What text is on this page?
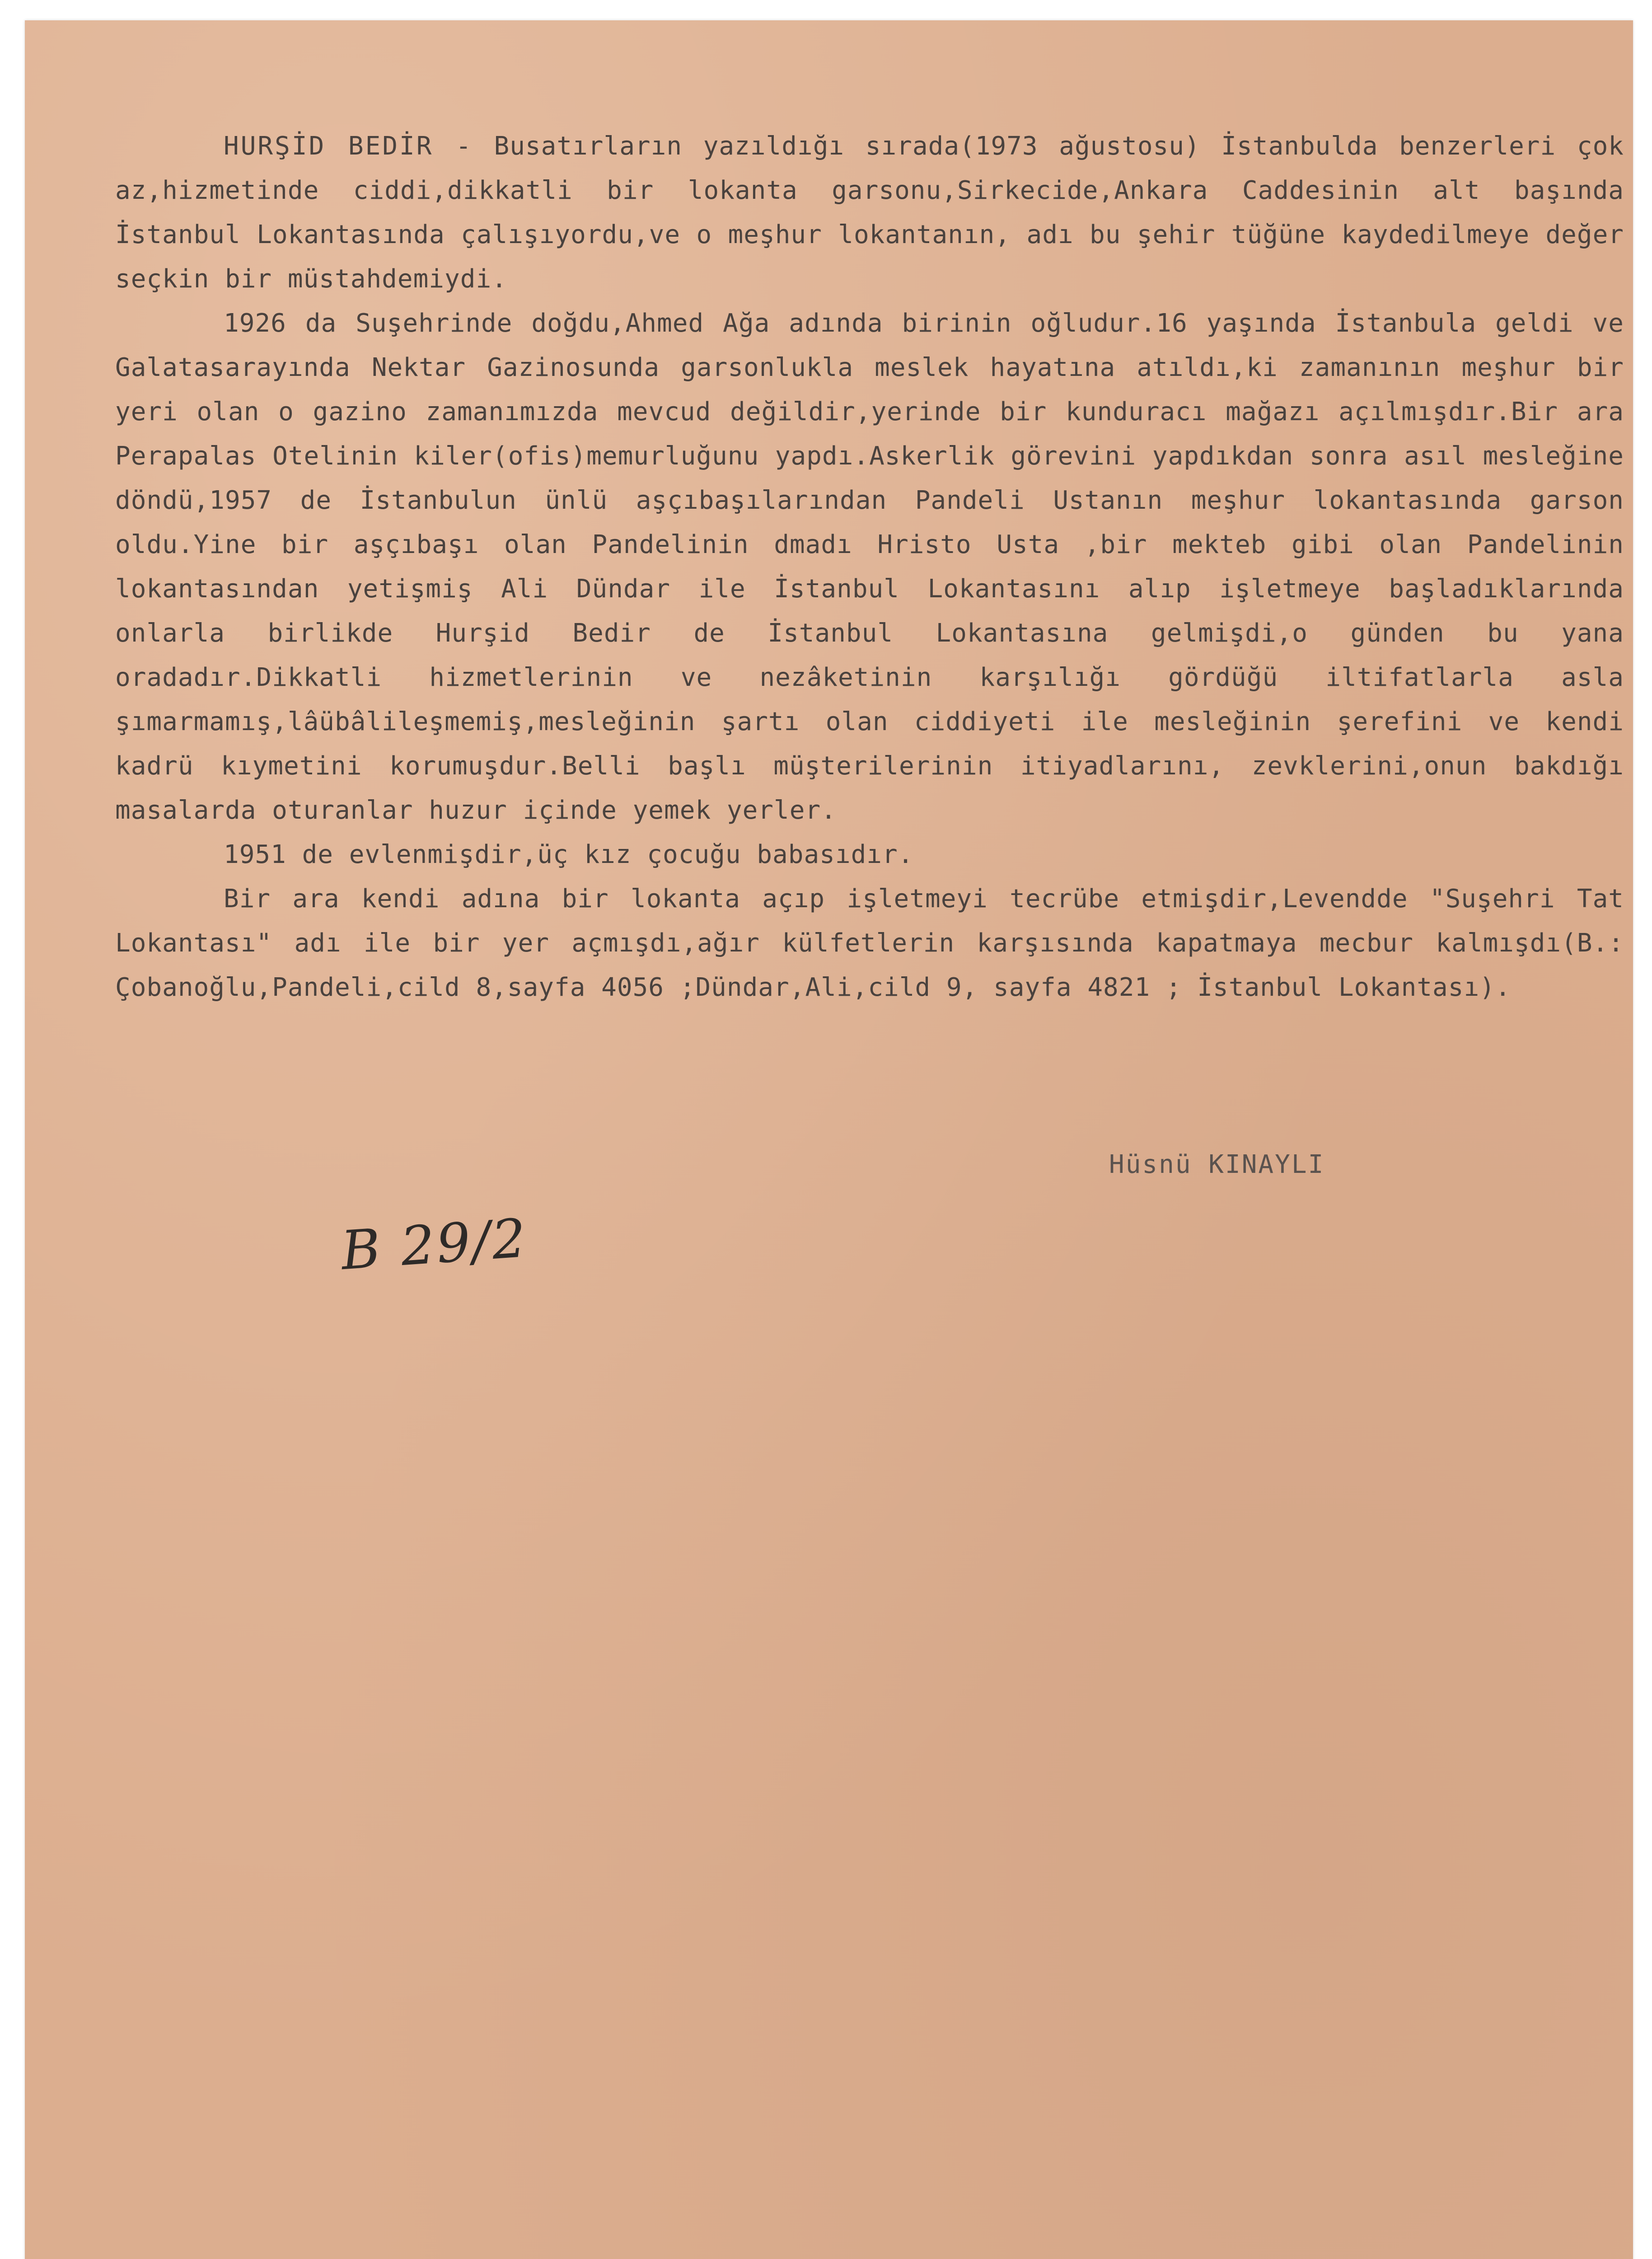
HURŞİD BEDİR - Busatırların yazıldığı sırada(1973 ağustosu) İstanbulda benzerleri çok az,hizmetinde ciddi,dikkatli bir lokanta garsonu,Sirkecide,Ankara Caddesinin alt başında İstanbul Lokantasında çalışıyordu,ve o meşhur lokantanın, adı bu şehir tüğüne kaydedilmeye değer seçkin bir müstahdemiydi.

1926 da Suşehrinde doğdu,Ahmed Ağa adında birinin oğludur.16 yaşında İstanbula geldi ve Galatasarayında Nektar Gazinosunda garsonlukla meslek hayatına atıldı,ki zamanının meşhur bir yeri olan o gazino zamanımızda mevcud değildir,yerinde bir kunduracı mağazı açılmışdır.Bir ara Perapalas Otelinin kiler(ofis)memurluğunu yapdı.Askerlik görevini yapdıkdan sonra asıl mesleğine döndü,1957 de İstanbulun ünlü aşçıbaşılarından Pandeli Ustanın meşhur lokantasında garson oldu.Yine bir aşçıbaşı olan Pandelinin dmadı Hristo Usta ,bir mekteb gibi olan Pandelinin lokantasından yetişmiş Ali Dündar ile İstanbul Lokantasını alıp işletmeye başladıklarında onlarla birlikde Hurşid Bedir de İstanbul Lokantasına gelmişdi,o günden bu yana oradadır.Dikkatli hizmetlerinin ve nezâketinin karşılığı gördüğü iltifatlarla asla şımarmamış,lâübâlileşmemiş,mesleğinin şartı olan ciddiyeti ile mesleğinin şerefini ve kendi kadrü kıymetini korumuşdur.Belli başlı müşterilerinin itiyadlarını, zevklerini,onun bakdığı masalarda oturanlar huzur içinde yemek yerler.

1951 de evlenmişdir,üç kız çocuğu babasıdır.

Bir ara kendi adına bir lokanta açıp işletmeyi tecrübe etmişdir,Levendde "Suşehri Tat Lokantası" adı ile bir yer açmışdı,ağır külfetlerin karşısında kapatmaya mecbur kalmışdı(B.: Çobanoğlu,Pandeli,cild 8,sayfa 4056 ;Dündar,Ali,cild 9, sayfa 4821 ; İstanbul Lokantası).

Hüsnü KINAYLI
B 29/2
